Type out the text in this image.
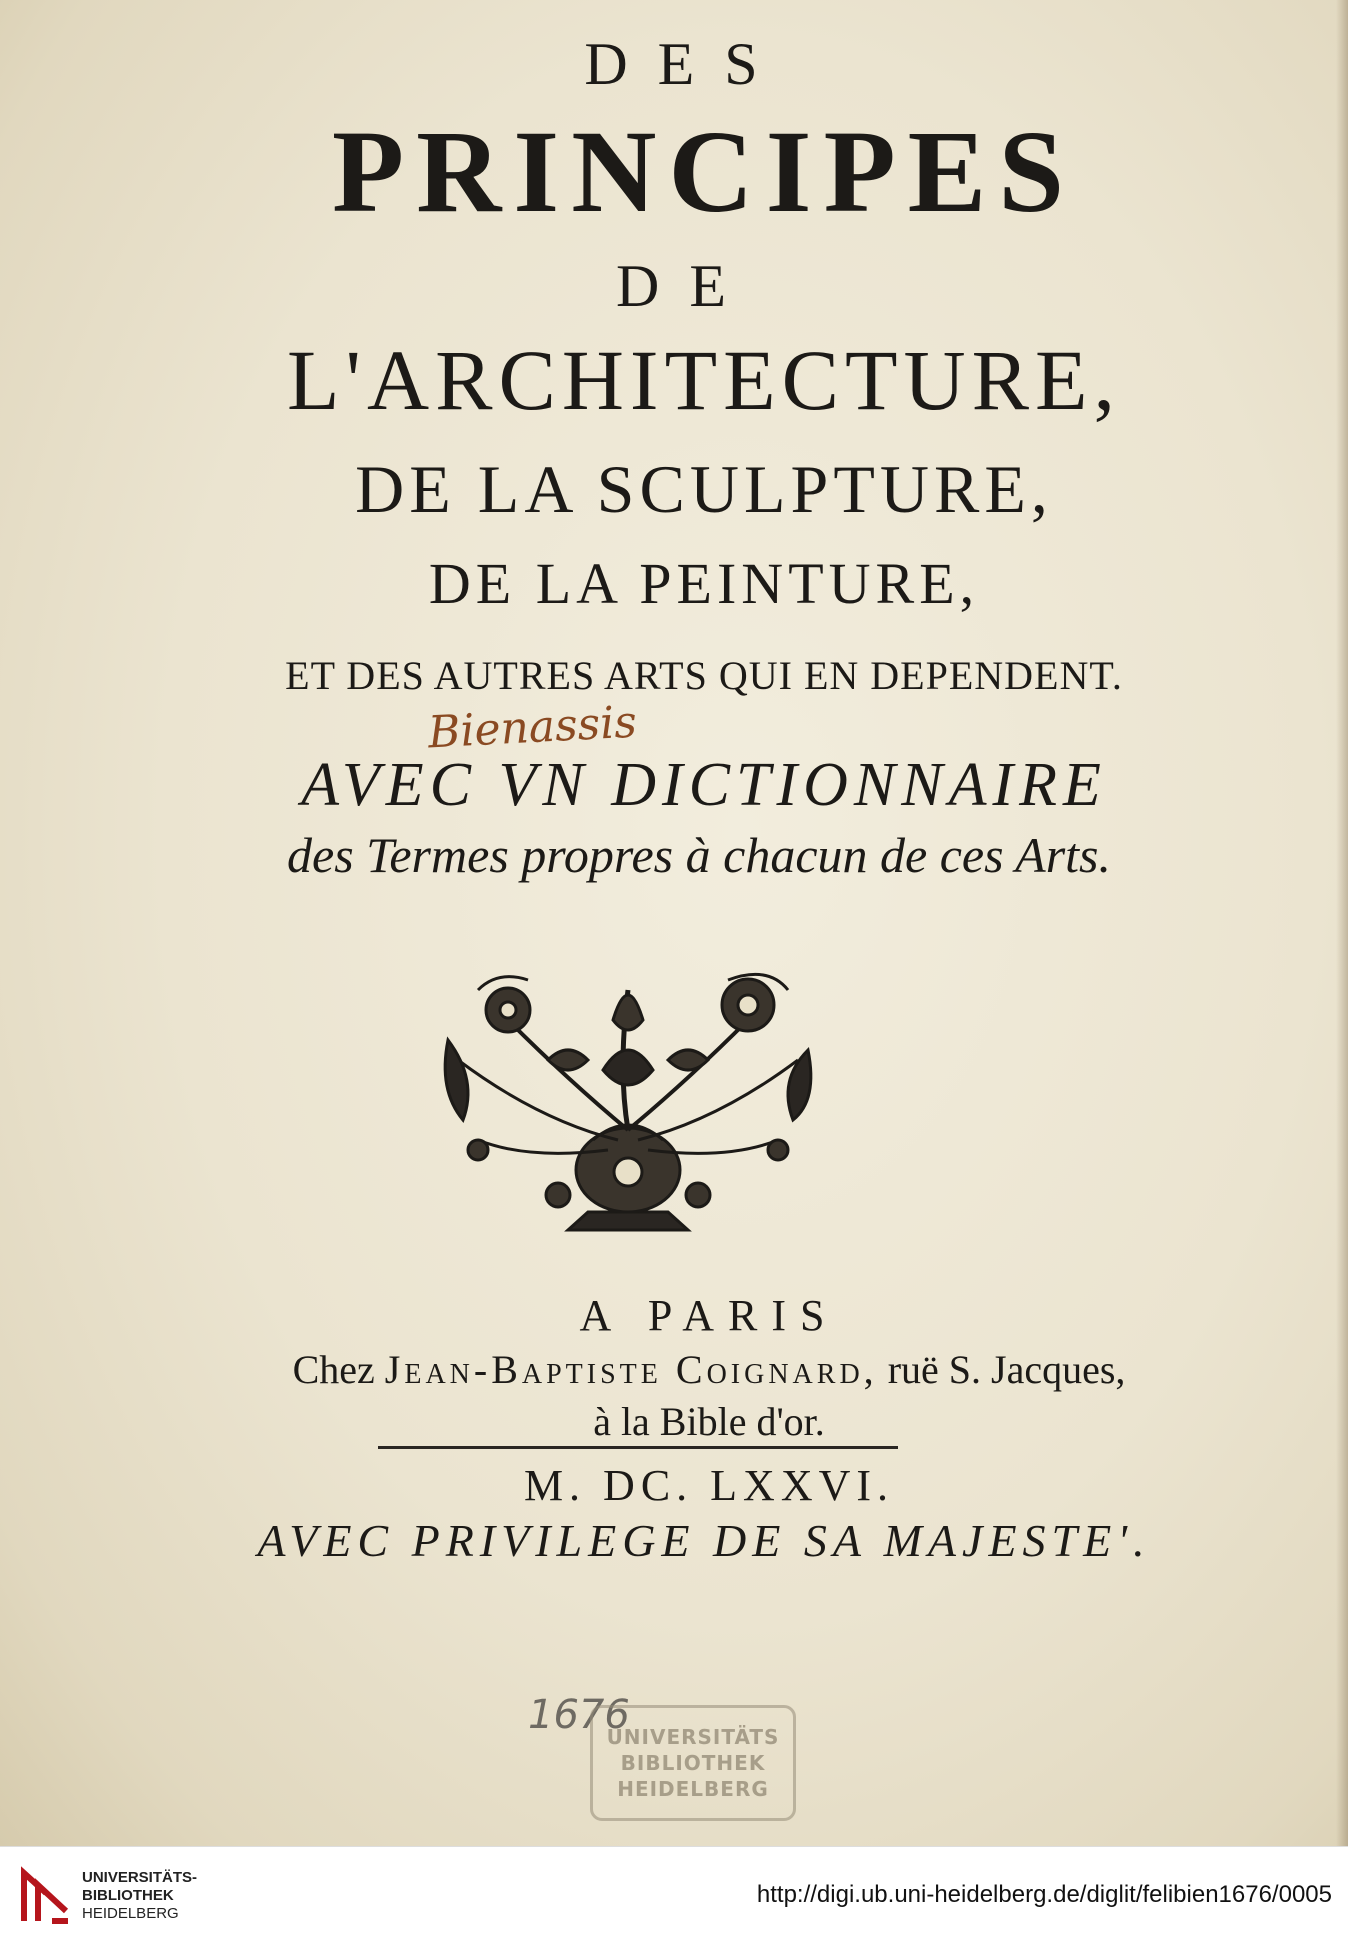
DES

PRINCIPES

DE

L'ARCHITECTURE,

DE LA SCULPTURE,

DE LA PEINTURE,

ET DES AUTRES ARTS QUI EN DEPENDENT.

Bienassis

AVEC VN DICTIONNAIRE

des Termes propres à chacun de ces Arts.

A PARIS

Chez Jean-Baptiste Coignard, ruë S. Jacques,

à la Bible d'or.

M. DC. LXXVI.

AVEC PRIVILEGE DE SA MAJESTE'.

1676
UNIVERSITÄTS
BIBLIOTHEK
HEIDELBERG
UNIVERSITÄTS-
BIBLIOTHEK
HEIDELBERG
http://digi.ub.uni-heidelberg.de/diglit/felibien1676/0005
